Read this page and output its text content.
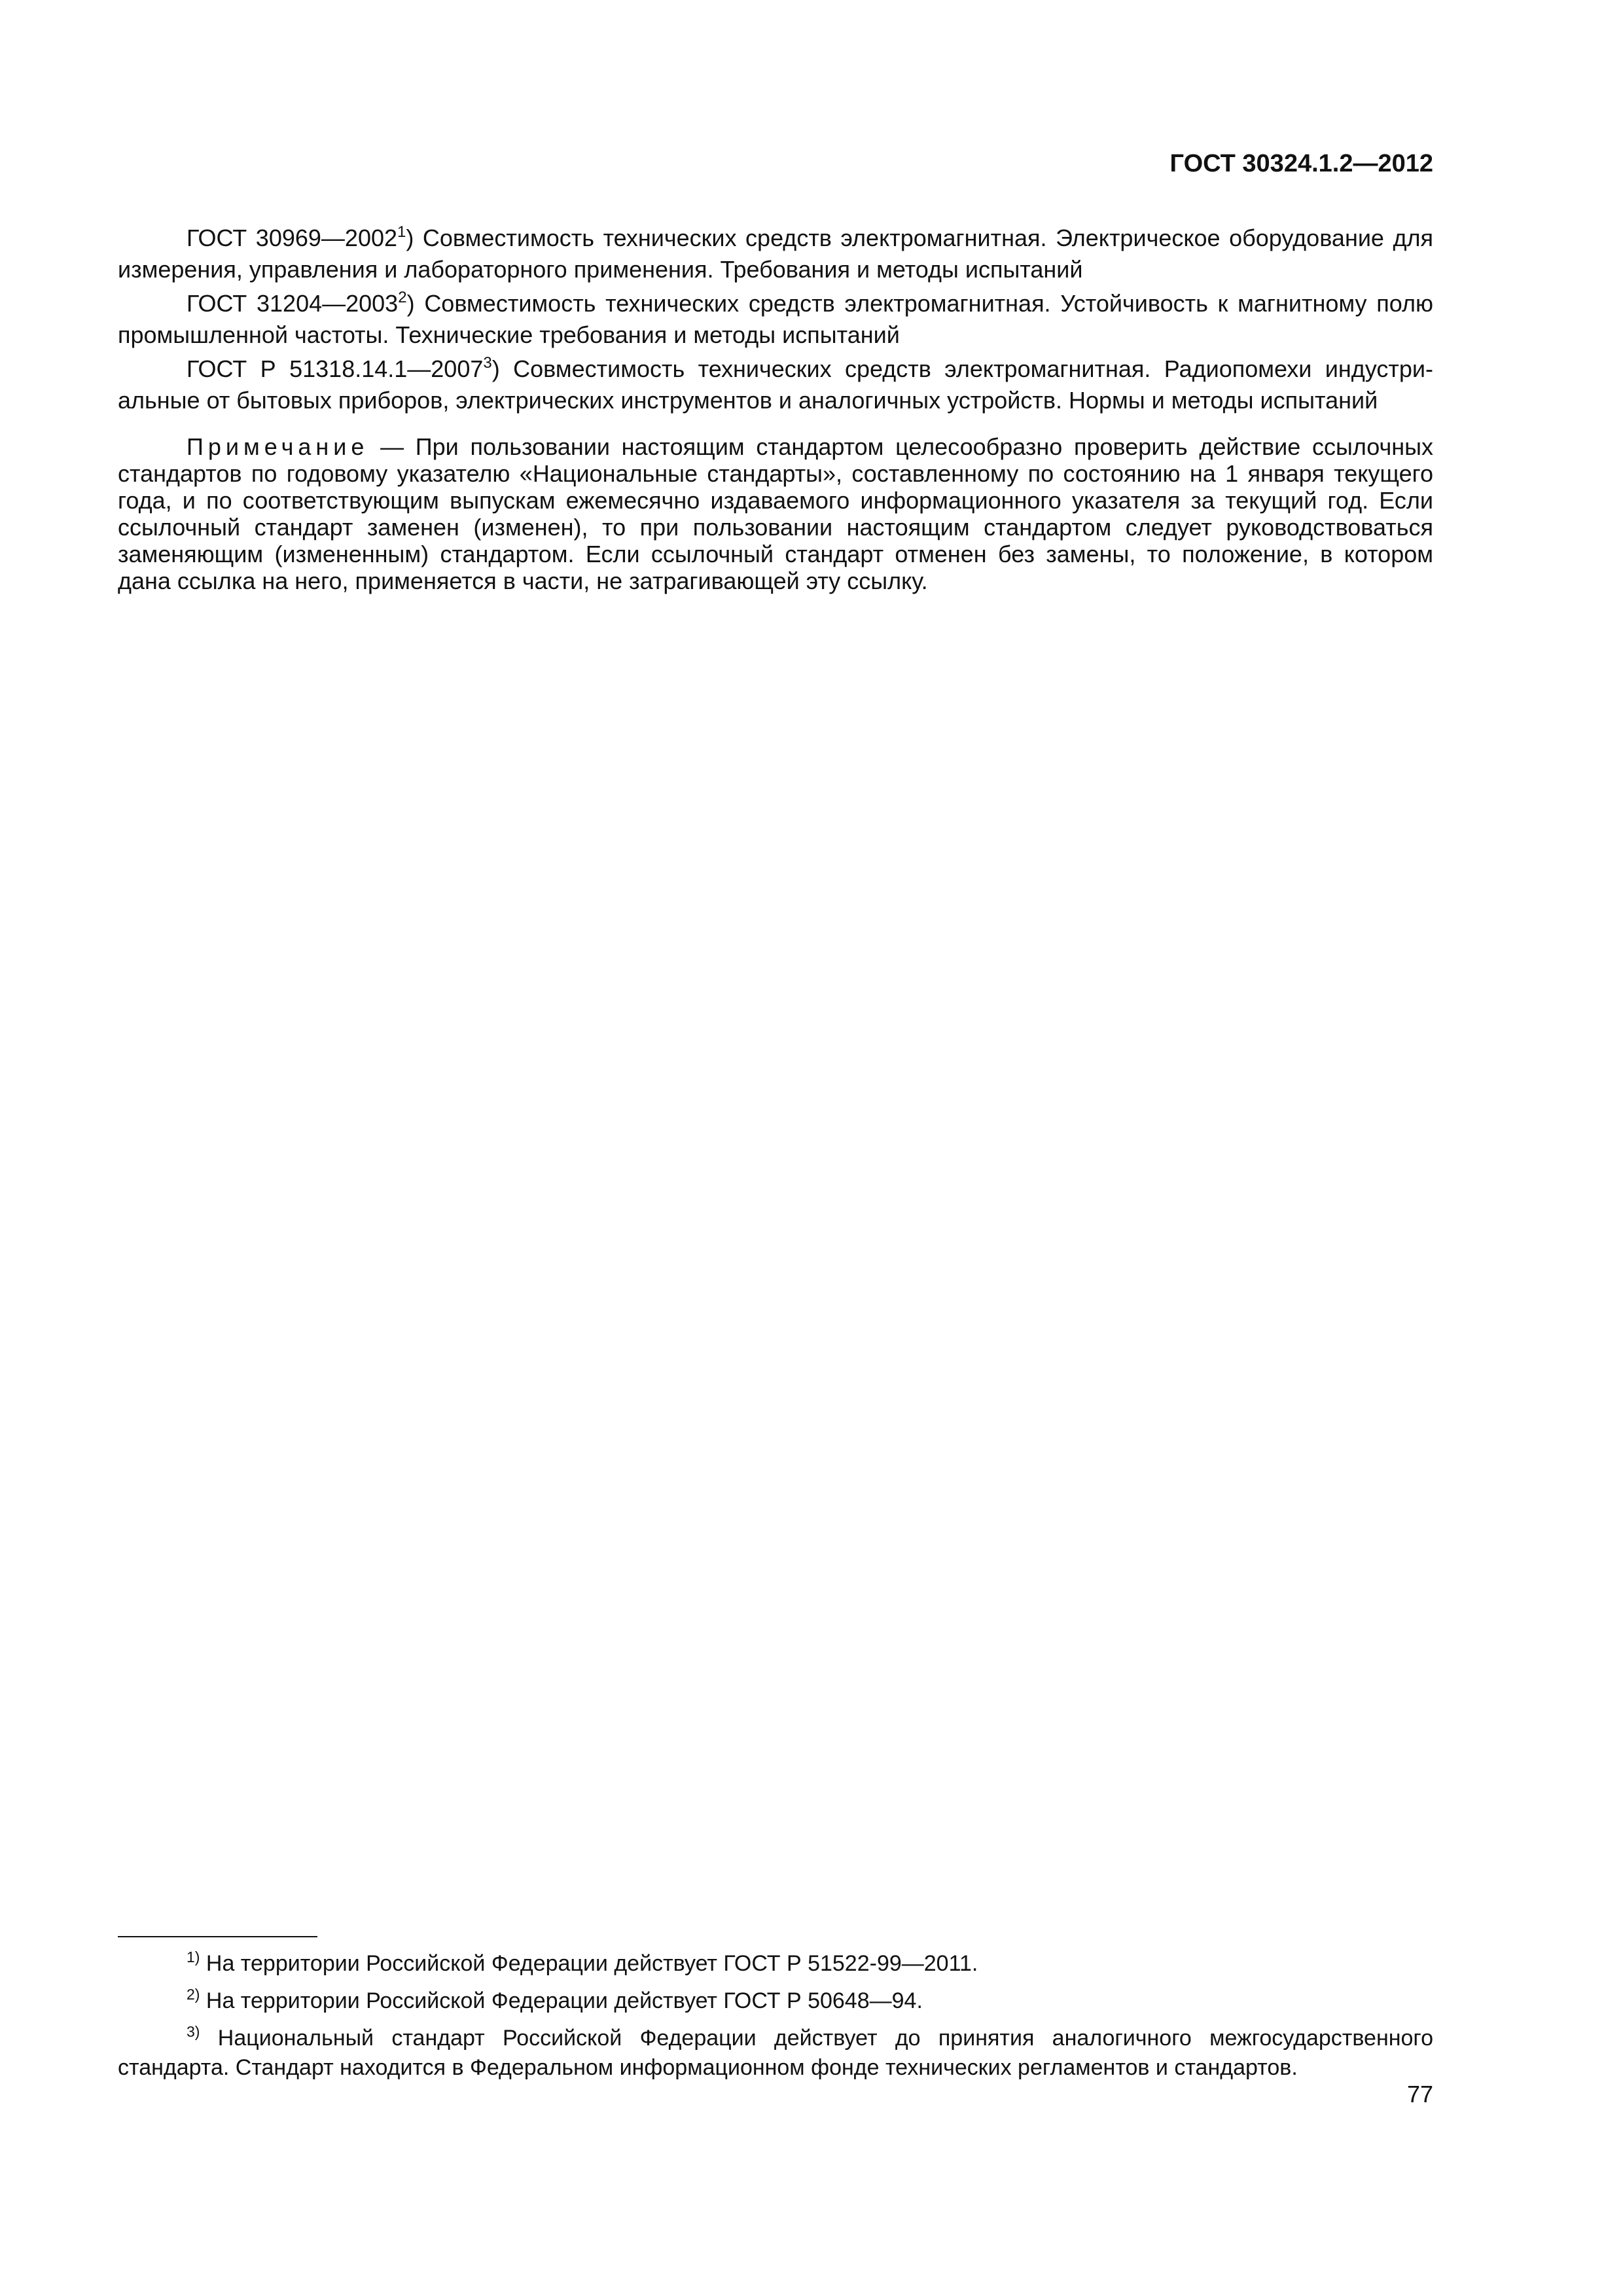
ГОСТ 30324.1.2—2012

ГОСТ 30969—2002$^1$) Совместимость технических средств электромагнитная. Электрическое оборудование для измерения, управления и лабораторного применения. Требования и методы испытаний

ГОСТ 31204—2003$^2$) Совместимость технических средств электромагнитная. Устойчивость к магнитному полю промышленной частоты. Технические требования и методы испытаний

ГОСТ Р 51318.14.1—2007$^3$) Совместимость технических средств электромагнитная. Радиопомехи индустриальные от бытовых приборов, электрических инструментов и аналогичных устройств. Нормы и методы испытаний

Примечание — При пользовании настоящим стандартом целесообразно проверить действие ссылочных стандартов по годовому указателю «Национальные стандарты», составленному по состоянию на 1 января текущего года, и по соответствующим выпускам ежемесячно издаваемого информационного указателя за текущий год. Если ссылочный стандарт заменен (изменен), то при пользовании настоящим стандартом следует руководствоваться заменяющим (измененным) стандартом. Если ссылочный стандарт отменен без замены, то положение, в котором дана ссылка на него, применяется в части, не затрагивающей эту ссылку.

$^{1)}$ На территории Российской Федерации действует ГОСТ Р 51522-99—2011.

$^{2)}$ На территории Российской Федерации действует ГОСТ Р 50648—94.

$^{3)}$ Национальный стандарт Российской Федерации действует до принятия аналогичного межгосударственного стандарта. Стандарт находится в Федеральном информационном фонде технических регламентов и стандартов.

77
